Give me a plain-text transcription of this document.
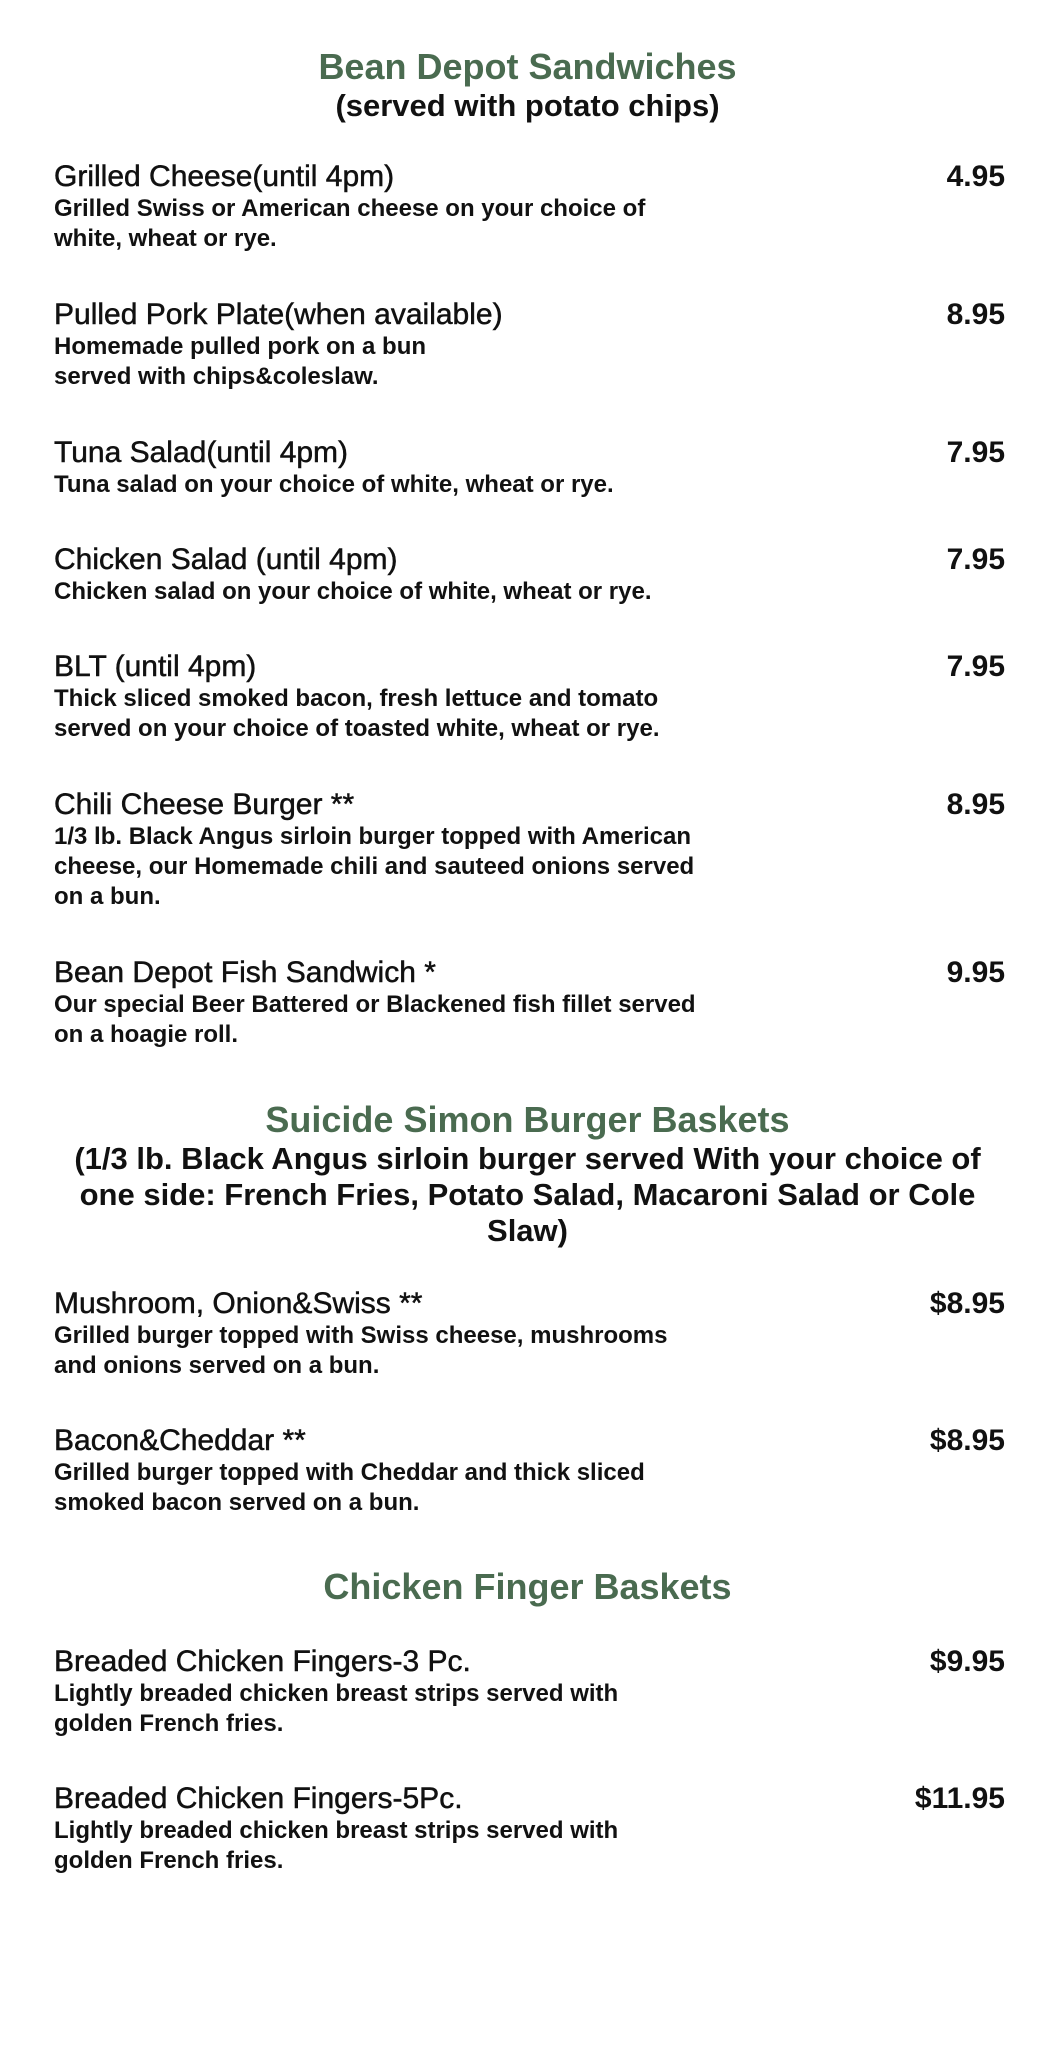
Bean Depot Sandwiches

(served with potato chips)

Grilled Cheese(until 4pm)	4.95
Grilled Swiss or American cheese on your choice of
white, wheat or rye.
Pulled Pork Plate(when available)	8.95
Homemade pulled pork on a bun
served with chips&coleslaw.
Tuna Salad(until 4pm)	7.95
Tuna salad on your choice of white, wheat or rye.
Chicken Salad (until 4pm)	7.95
Chicken salad on your choice of white, wheat or rye.
BLT (until 4pm)	7.95
Thick sliced smoked bacon, fresh lettuce and tomato
served on your choice of toasted white, wheat or rye.
Chili Cheese Burger **	8.95
1/3 lb. Black Angus sirloin burger topped with American
cheese, our Homemade chili and sauteed onions served
on a bun.
Bean Depot Fish Sandwich *	9.95
Our special Beer Battered or Blackened fish fillet served
on a hoagie roll.
Suicide Simon Burger Baskets

(1/3 lb. Black Angus sirloin burger served With your choice of one side: French Fries, Potato Salad, Macaroni Salad or Cole Slaw)

Mushroom, Onion&Swiss **	$8.95
Grilled burger topped with Swiss cheese, mushrooms
and onions served on a bun.
Bacon&Cheddar **	$8.95
Grilled burger topped with Cheddar and thick sliced
smoked bacon served on a bun.
Chicken Finger Baskets
Breaded Chicken Fingers-3 Pc.	$9.95
Lightly breaded chicken breast strips served with
golden French fries.
Breaded Chicken Fingers-5Pc.	$11.95
Lightly breaded chicken breast strips served with
golden French fries.
